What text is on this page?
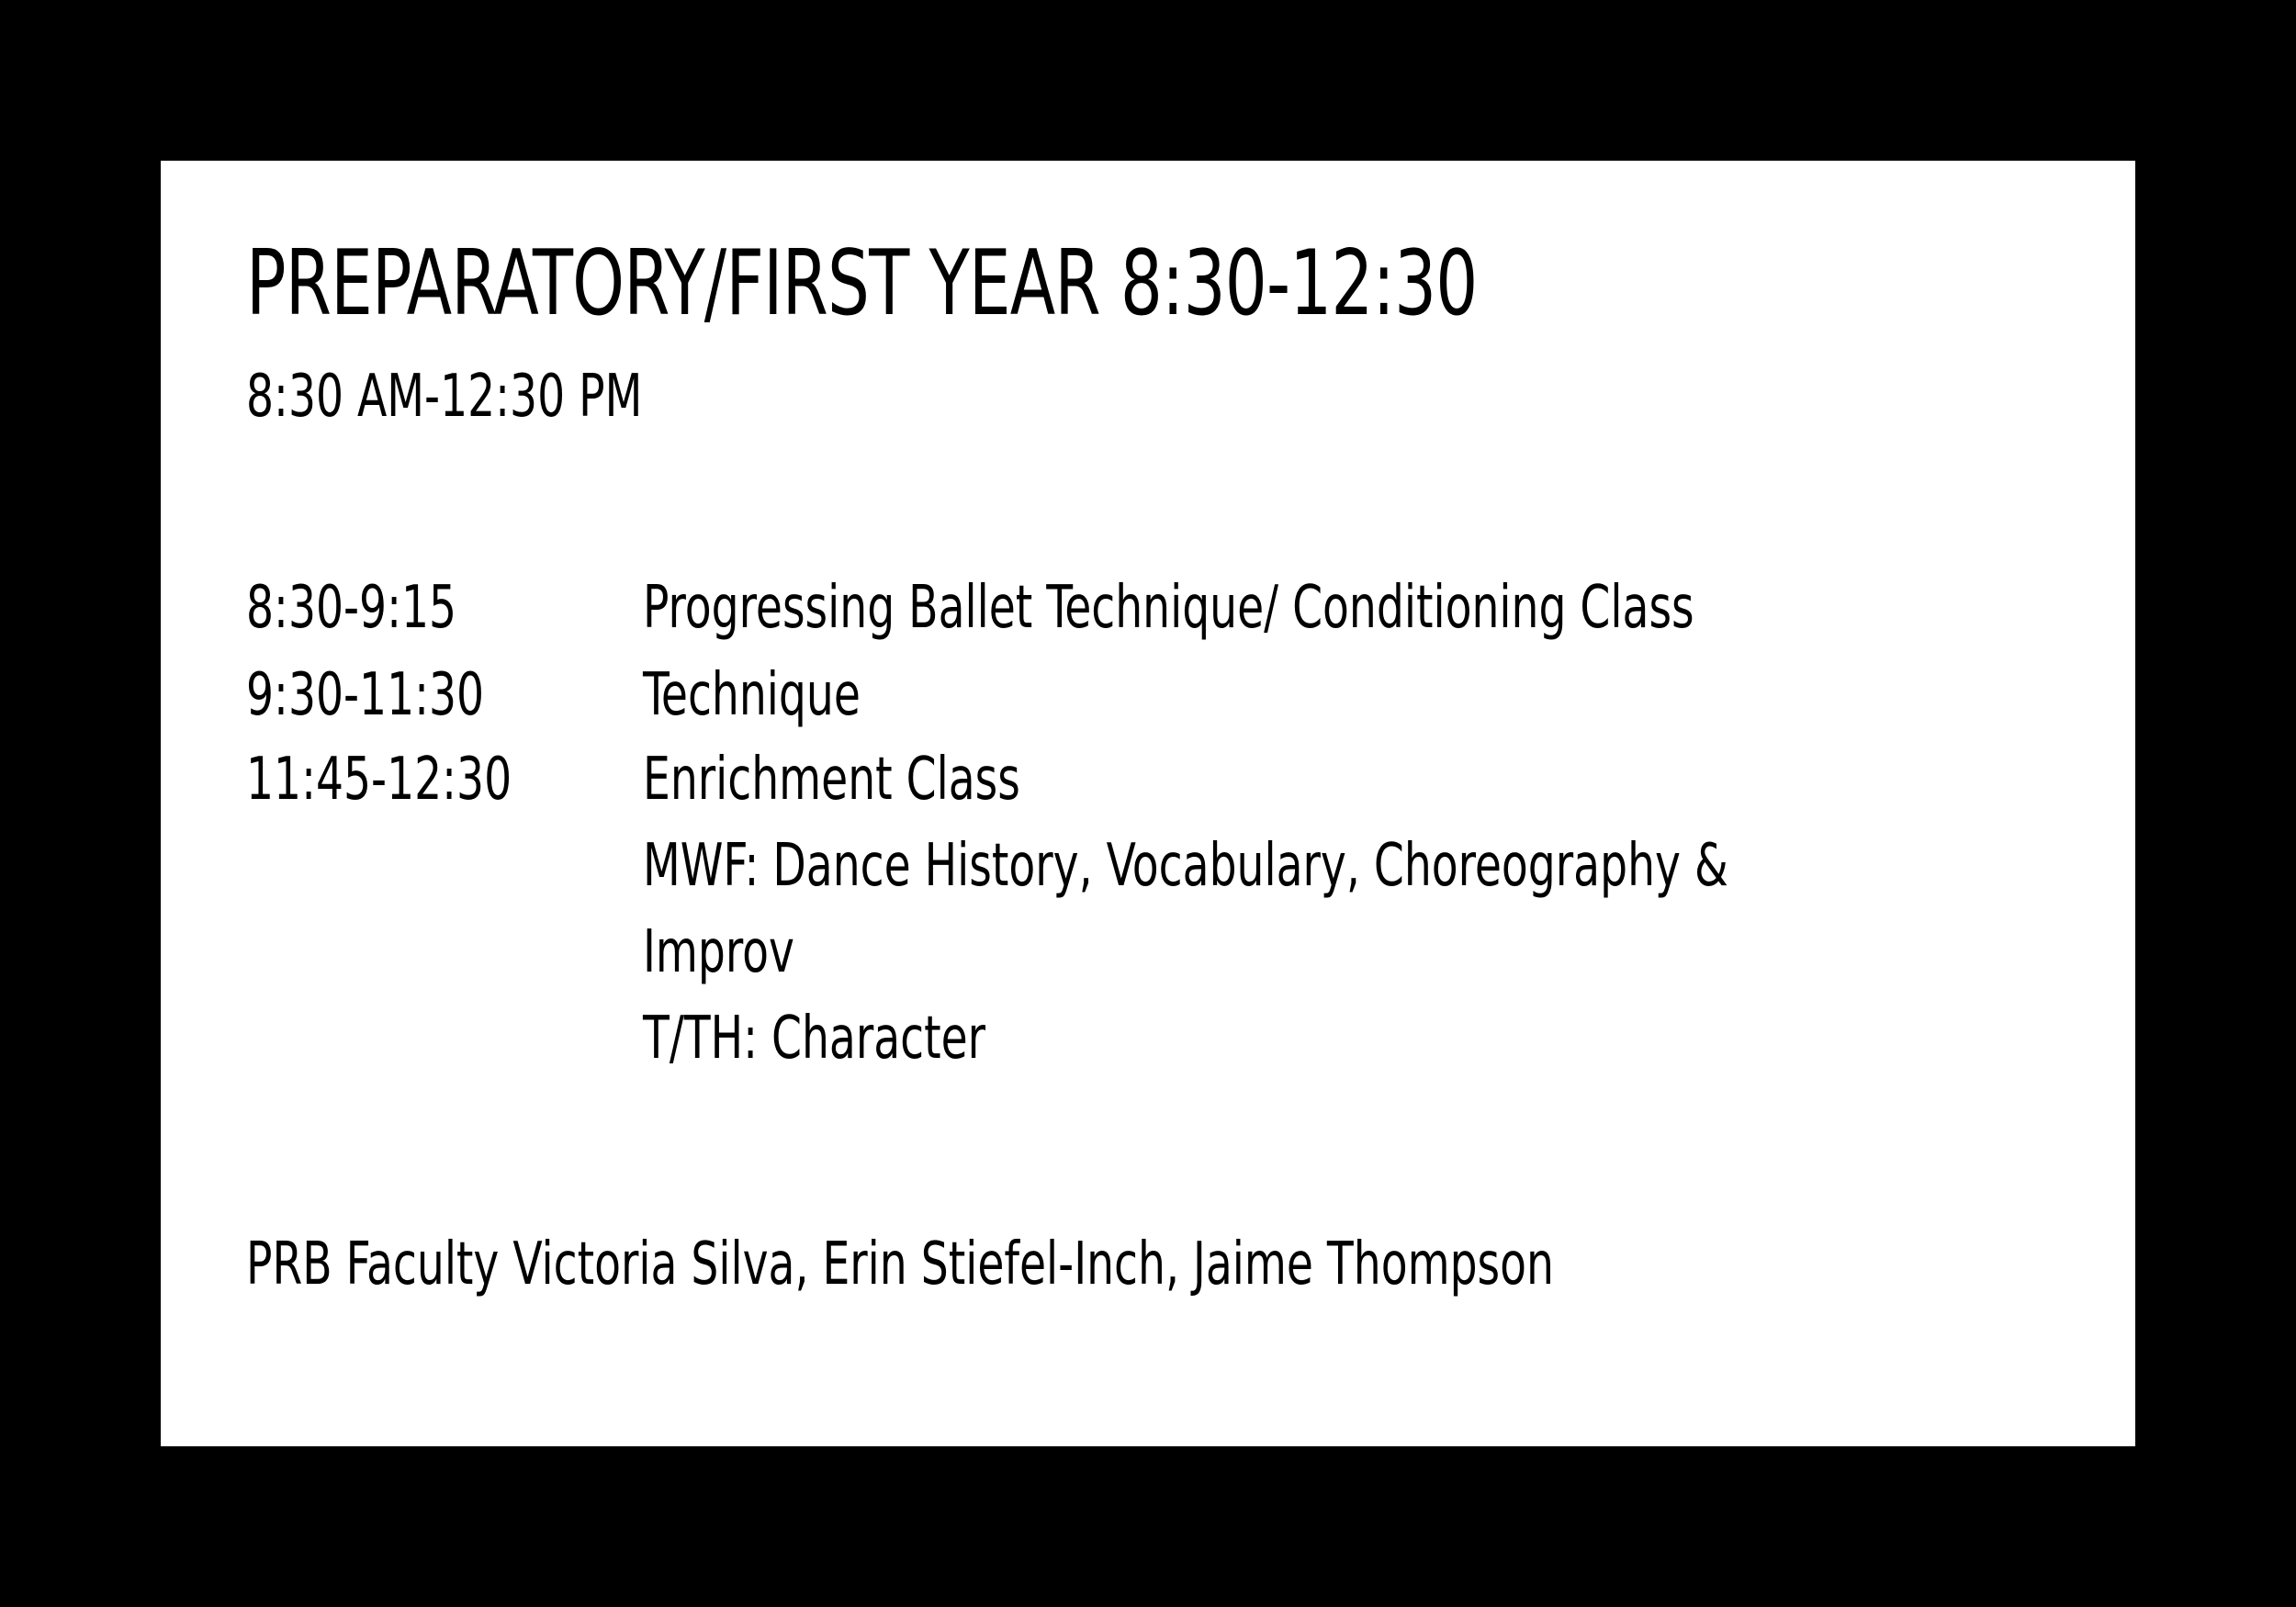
PREPARATORY/FIRST YEAR 8:30-12:30
8:30 AM-12:30 PM
8:30-9:15	Progressing Ballet Technique/ Conditioning Class
9:30-11:30	Technique
11:45-12:30 Enrichment Class
MWF: Dance History, Vocabulary, Choreography &
Improv
T/TH: Character
PRB Faculty Victoria Silva, Erin Stiefel-Inch, Jaime Thompson
